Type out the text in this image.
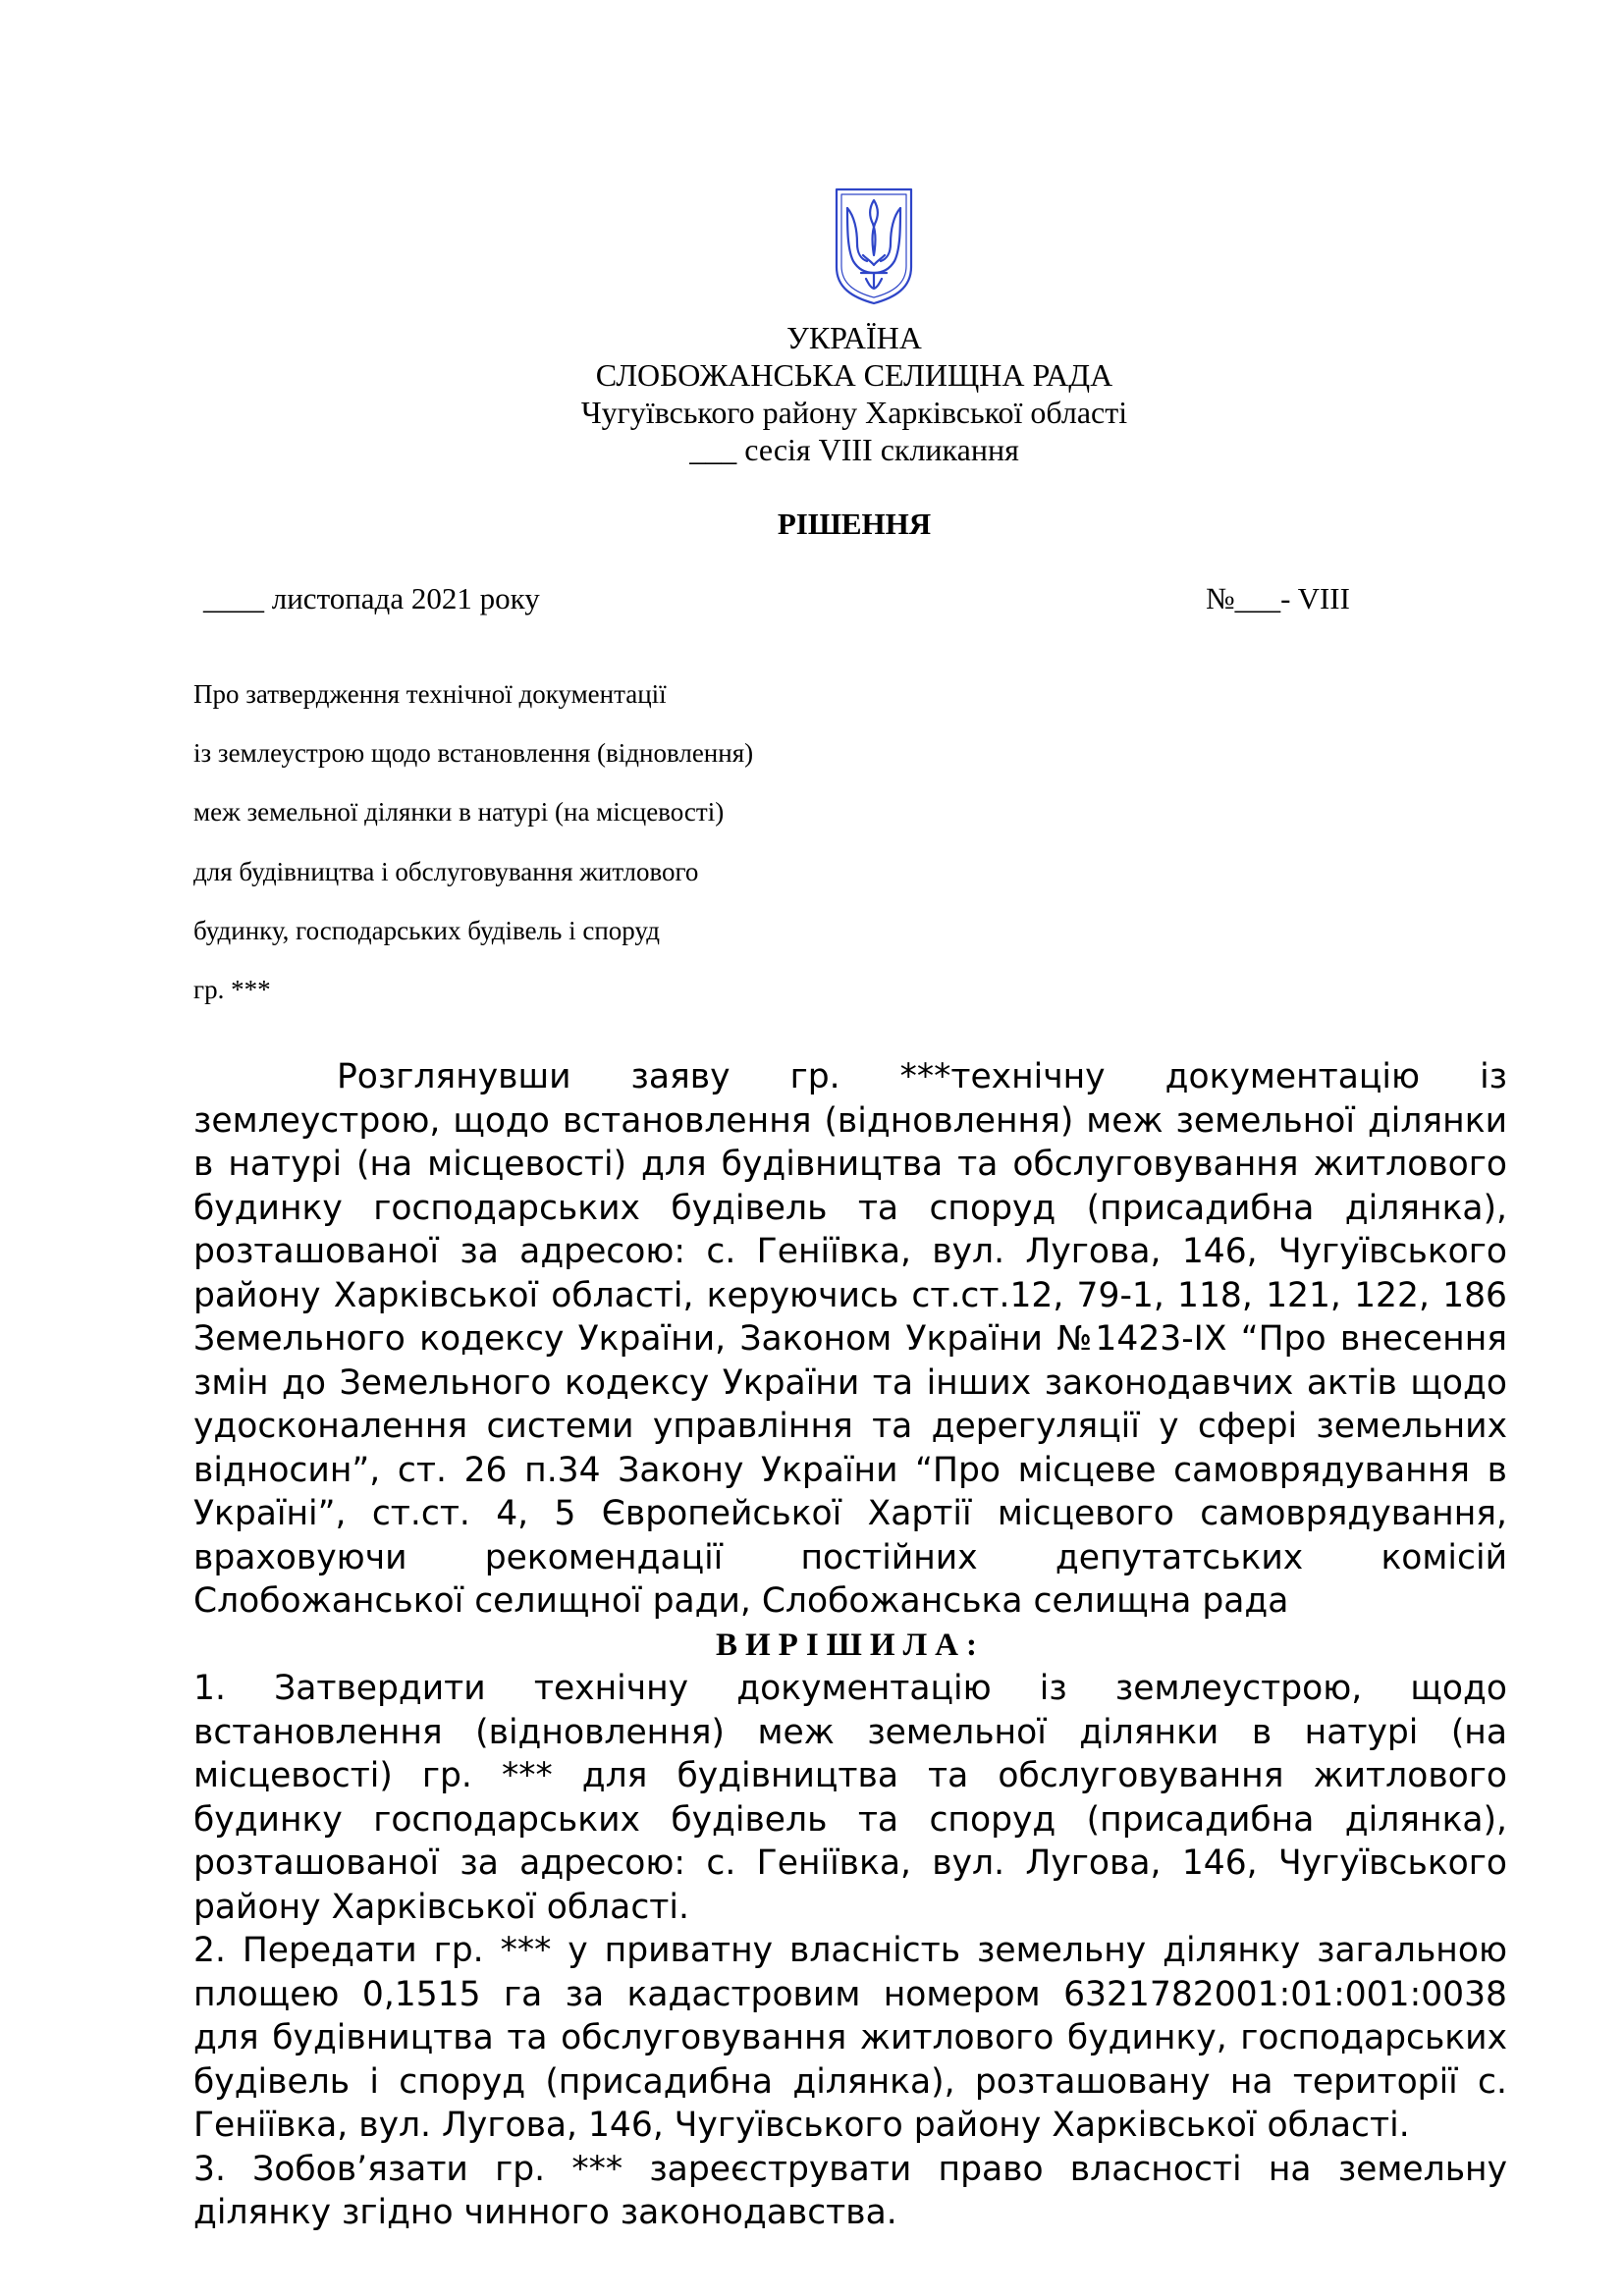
УКРАЇНА
СЛОБОЖАНСЬКА СЕЛИЩНА РАДА
Чугуївського району Харківської області
___ сесія VIII скликання
РІШЕННЯ
____ листопада 2021 року	№___- VIII
Про затвердження технічної документації
із землеустрою щодо встановлення (відновлення)
меж земельної ділянки в натурі (на місцевості)
для будівництва і обслуговування житлового
будинку, господарських будівель і споруд
гр. ***

Розглянувши заяву гр. ***технічну документацію із землеустрою, щодо встановлення (відновлення) меж земельної ділянки в натурі (на місцевості) для будівництва та обслуговування житлового будинку господарських будівель та споруд (присадибна ділянка), розташованої за адресою: с. Геніївка, вул. Лугова, 146, Чугуївського району Харківської області, керуючись ст.ст.12, 79-1, 118, 121, 122, 186 Земельного кодексу України, Законом України №1423-IX “Про внесення змін до Земельного кодексу України та інших законодавчих актів щодо удосконалення системи управління та дерегуляції у сфері земельних відносин”, ст. 26 п.34 Закону України “Про місцеве самоврядування в Україні”, ст.ст. 4, 5 Європейської Хартії місцевого самоврядування, враховуючи рекомендації постійних депутатських комісій Слобожанської селищної ради, Слобожанська селищна рада

ВИРІШИЛА:

1. Затвердити технічну документацію із землеустрою, щодо встановлення (відновлення) меж земельної ділянки в натурі (на місцевості) гр. *** для будівництва та обслуговування житлового будинку господарських будівель та споруд (присадибна ділянка), розташованої за адресою: с. Геніївка, вул. Лугова, 146, Чугуївського району Харківської області.

2. Передати гр. *** у приватну власність земельну ділянку загальною площею 0,1515 га за кадастровим номером 6321782001:01:001:0038 для будівництва та обслуговування житлового будинку, господарських будівель і споруд (присадибна ділянка), розташовану на території с. Геніївка, вул. Лугова, 146, Чугуївського району Харківської області.

3. Зобов’язати гр. *** зареєструвати право власності на земельну ділянку згідно чинного законодавства.
